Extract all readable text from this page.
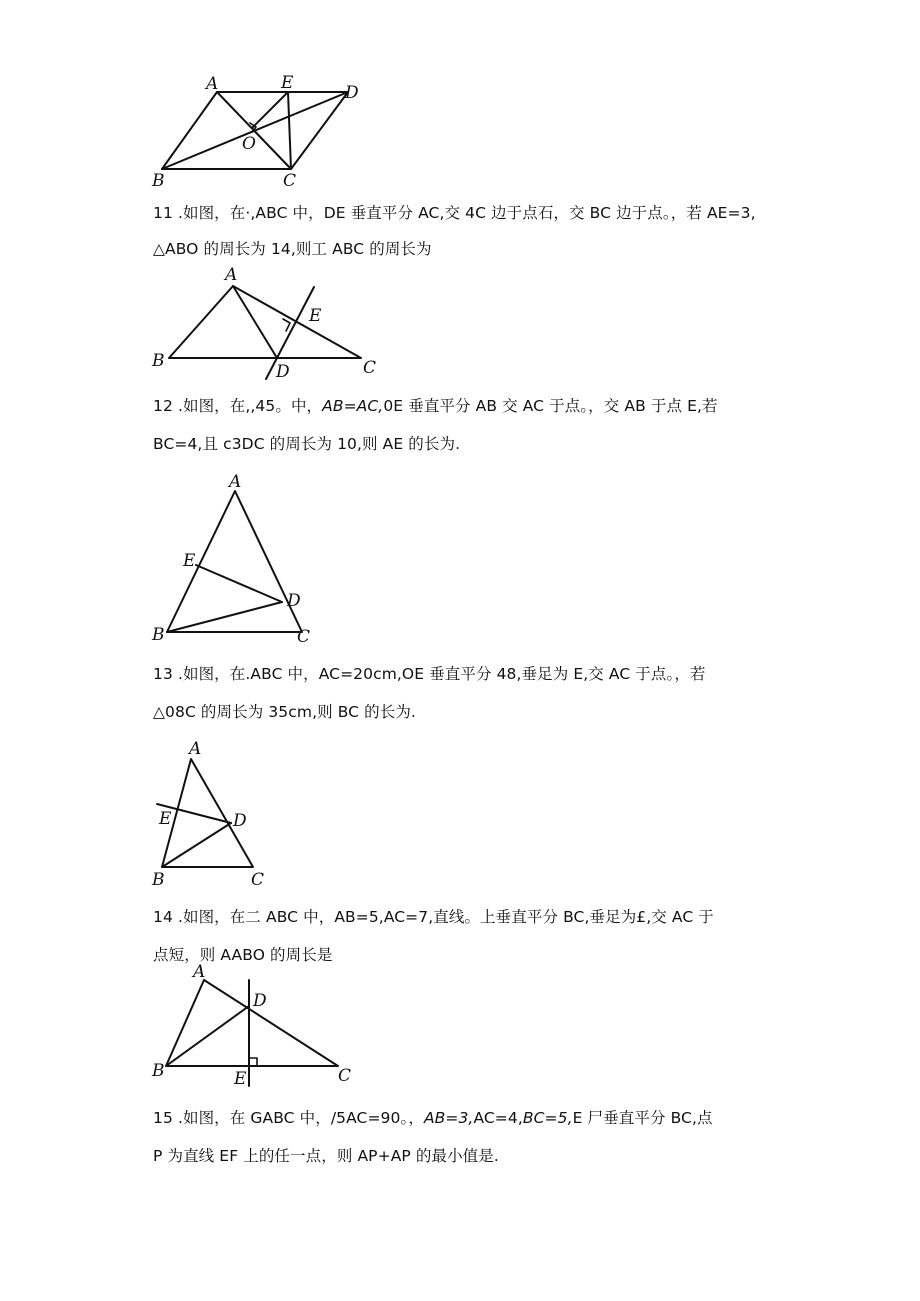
A	E	D
O
B	C
11 .如图，在·,ABC 中，DE 垂直平分 AC,交 4C 边于点石，交 BC 边于点。，若 AE=3,
△ABO 的周长为 14,则工 ABC 的周长为
A
E
B
D	C
12 .如图，在,,45。中，AB=AC,0E 垂直平分 AB 交 AC 于点。，交 AB 于点 E,若
BC=4,且 c3DC 的周长为 10,则 AE 的长为.
A
E
D
B	C
13 .如图，在.ABC 中，AC=20cm,OE 垂直平分 48,垂足为 E,交 AC 于点。，若
△08C 的周长为 35cm,则 BC 的长为.
A
E	D
B	C
14 .如图，在二 ABC 中，AB=5,AC=7,直线。上垂直平分 BC,垂足为£,交 AC 于
点短，则 AABO 的周长是
A
D
B	E	C
15 .如图，在 GABC 中，/5AC=90。，AB=3,AC=4,BC=5,E 尸垂直平分 BC,点
P 为直线 EF 上的任一点，则 AP+AP 的最小值是.
